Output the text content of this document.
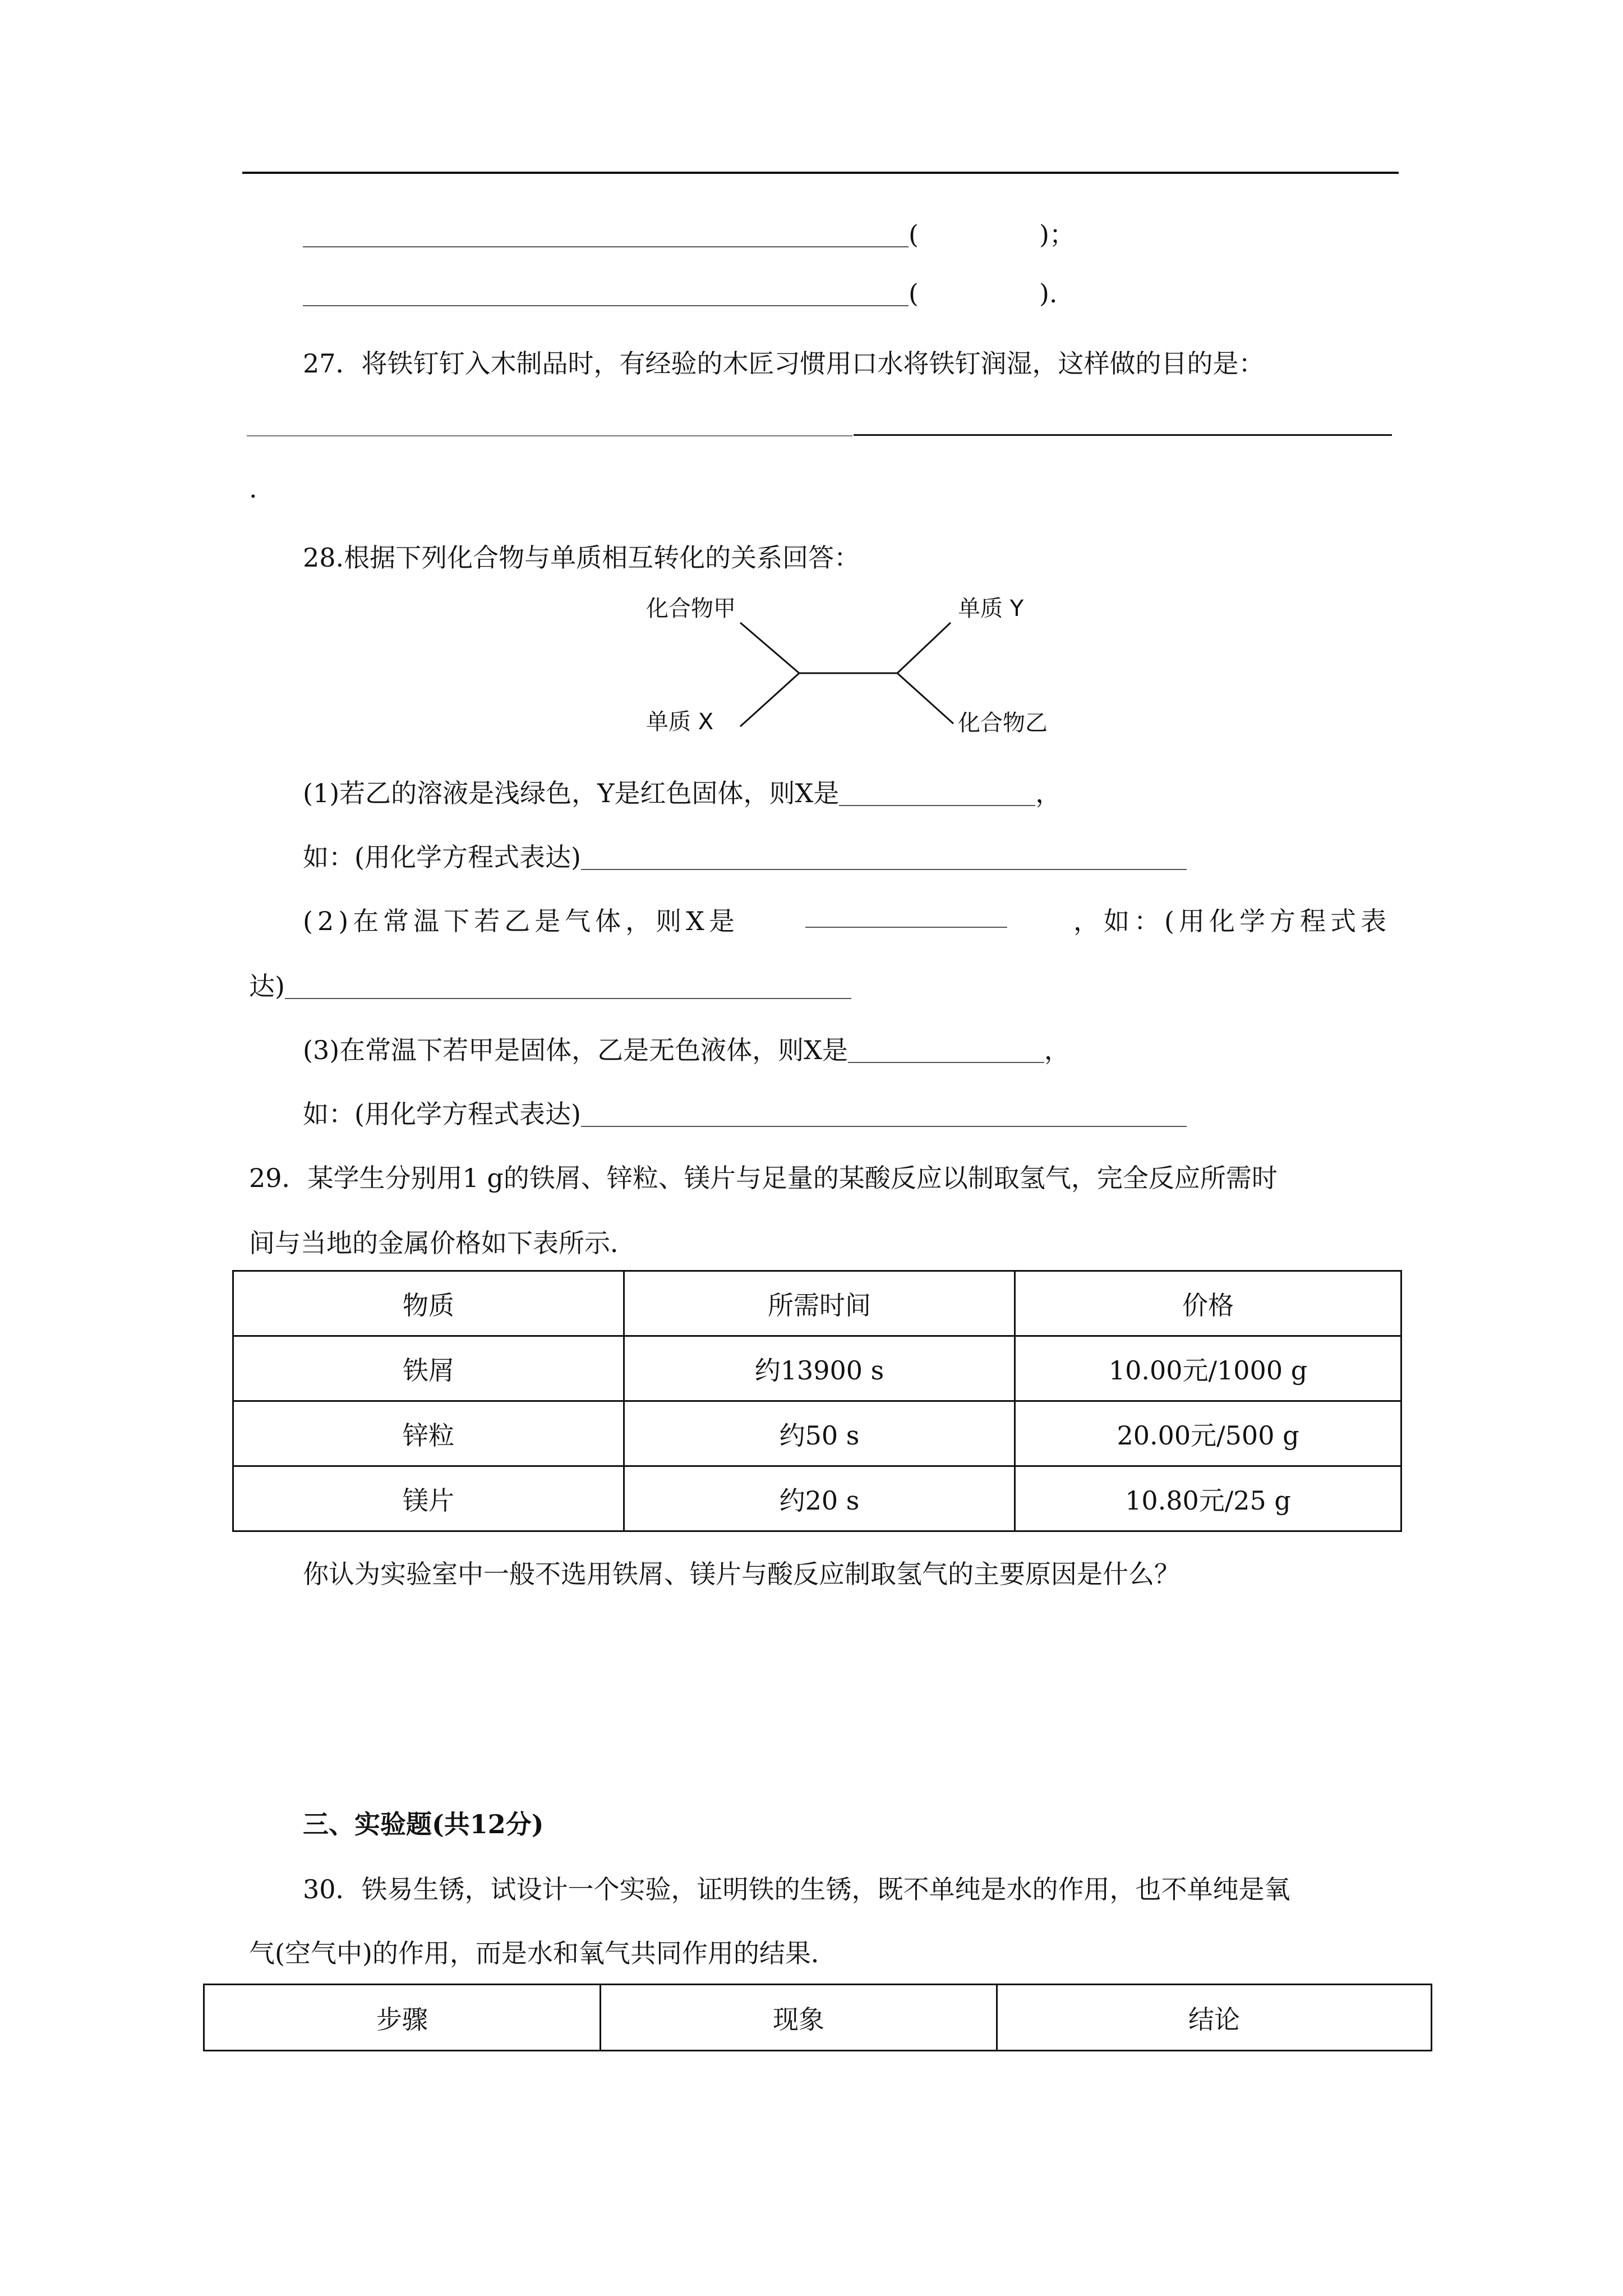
(	)；
(	).
27．将铁钉钉入木制品时，有经验的木匠习惯用口水将铁钉润湿，这样做的目的是：
.
28.根据下列化合物与单质相互转化的关系回答：
化合物甲
单质 X
单质 Y
化合物乙
(1)若乙的溶液是浅绿色，Y是红色固体，则X是	，
如：(用化学方程式表达)
(2)在常温下若乙是气体，则X是	，如：(用化学方程式表
达)
(3)在常温下若甲是固体，乙是无色液体，则X是	，
如：(用化学方程式表达)
29．某学生分别用1 g的铁屑、锌粒、镁片与足量的某酸反应以制取氢气，完全反应所需时
间与当地的金属价格如下表所示．
物质	所需时间	价格
铁屑	约13900 s	10.00元/1000 g
锌粒	约50 s	20.00元/500 g
镁片	约20 s	10.80元/25 g
你认为实验室中一般不选用铁屑、镁片与酸反应制取氢气的主要原因是什么？
三、实验题(共12分)
30．铁易生锈，试设计一个实验，证明铁的生锈，既不单纯是水的作用，也不单纯是氧
气(空气中)的作用，而是水和氧气共同作用的结果．
步骤	现象	结论
